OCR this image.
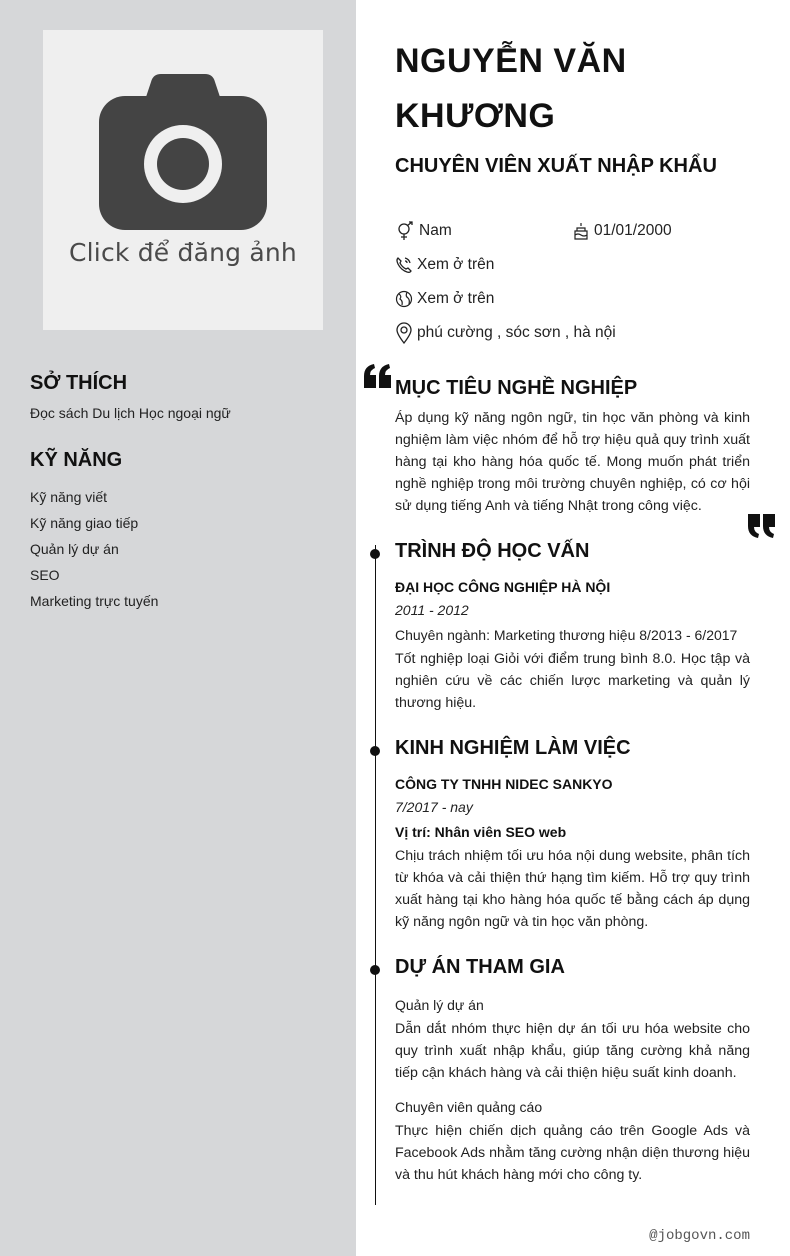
Click để đăng ảnh
SỞ THÍCH
Đọc sách Du lịch Học ngoại ngữ
KỸ NĂNG
Kỹ năng viết
Kỹ năng giao tiếp
Quản lý dự án
SEO
Marketing trực tuyến
NGUYỄN VĂN KHƯƠNG
CHUYÊN VIÊN XUẤT NHẬP KHẨU
Nam	01/01/2000
Xem ở trên
Xem ở trên
phú cường , sóc sơn , hà nội
MỤC TIÊU NGHỀ NGHIỆP
Áp dụng kỹ năng ngôn ngữ, tin học văn phòng và kinh nghiệm làm việc nhóm để hỗ trợ hiệu quả quy trình xuất hàng tại kho hàng hóa quốc tế. Mong muốn phát triển nghề nghiệp trong môi trường chuyên nghiệp, có cơ hội sử dụng tiếng Anh và tiếng Nhật trong công việc.
TRÌNH ĐỘ HỌC VẤN
ĐẠI HỌC CÔNG NGHIỆP HÀ NỘI
2011 - 2012
Chuyên ngành: Marketing thương hiệu 8/2013 - 6/2017
Tốt nghiệp loại Giỏi với điểm trung bình 8.0. Học tập và nghiên cứu về các chiến lược marketing và quản lý thương hiệu.
KINH NGHIỆM LÀM VIỆC
CÔNG TY TNHH NIDEC SANKYO
7/2017 - nay
Vị trí: Nhân viên SEO web
Chịu trách nhiệm tối ưu hóa nội dung website, phân tích từ khóa và cải thiện thứ hạng tìm kiếm. Hỗ trợ quy trình xuất hàng tại kho hàng hóa quốc tế bằng cách áp dụng kỹ năng ngôn ngữ và tin học văn phòng.
DỰ ÁN THAM GIA
Quản lý dự án
Dẫn dắt nhóm thực hiện dự án tối ưu hóa website cho quy trình xuất nhập khẩu, giúp tăng cường khả năng tiếp cận khách hàng và cải thiện hiệu suất kinh doanh.
Chuyên viên quảng cáo
Thực hiện chiến dịch quảng cáo trên Google Ads và Facebook Ads nhằm tăng cường nhận diện thương hiệu và thu hút khách hàng mới cho công ty.
@jobgovn.com
